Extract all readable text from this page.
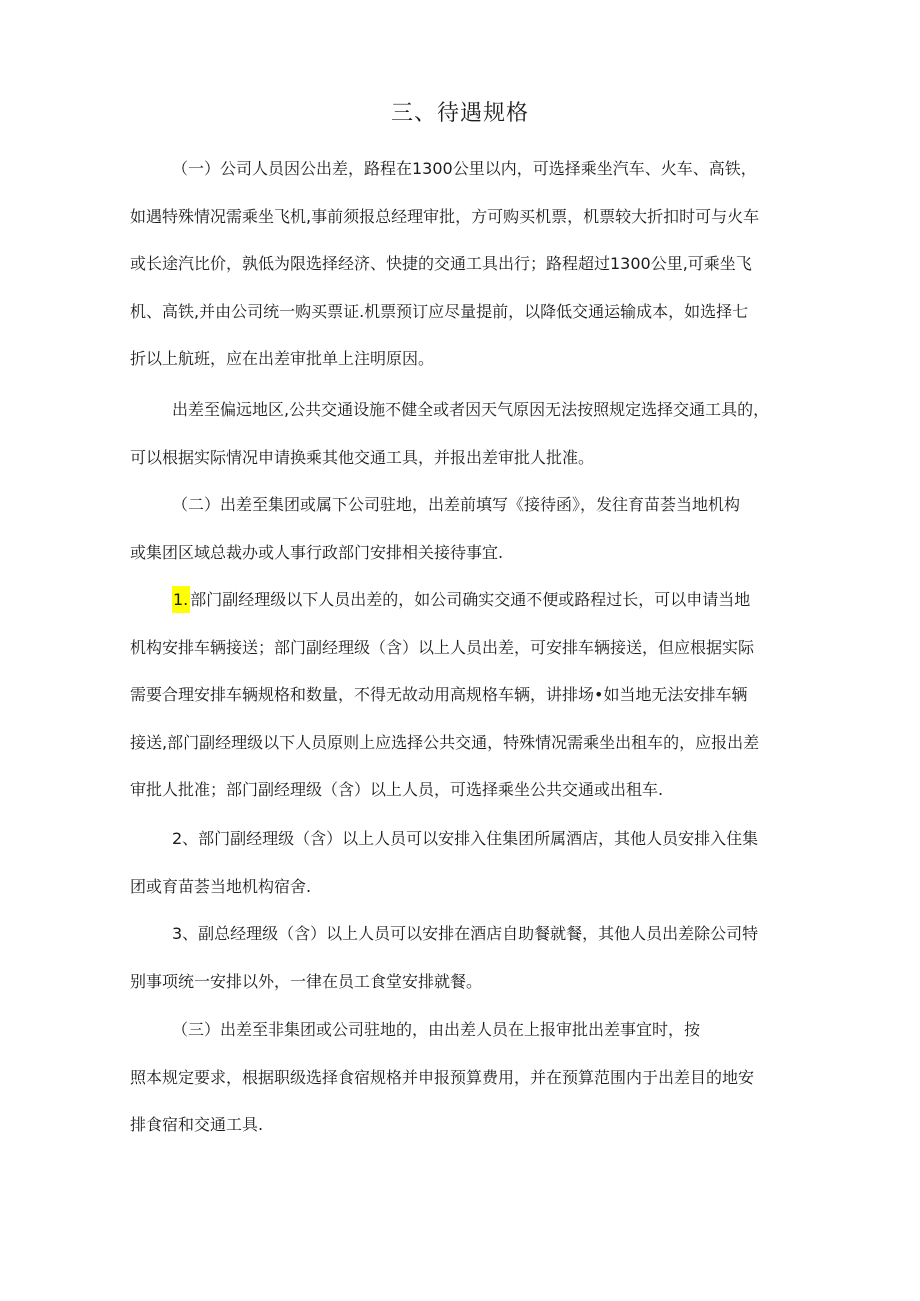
三、待遇规格
（一）公司人员因公出差，路程在1300公里以内，可选择乘坐汽车、火车、高铁，
如遇特殊情况需乘坐飞机,事前须报总经理审批，方可购买机票，机票较大折扣时可与火车
或长途汽比价，孰低为限选择经济、快捷的交通工具出行；路程超过1300公里,可乘坐飞
机、高铁,并由公司统一购买票证.机票预订应尽量提前，以降低交通运输成本，如选择七
折以上航班，应在出差审批单上注明原因。
出差至偏远地区,公共交通设施不健全或者因天气原因无法按照规定选择交通工具的，
可以根据实际情况申请换乘其他交通工具，并报出差审批人批准。
（二）出差至集团或属下公司驻地，出差前填写《接待函》，发往育苗荟当地机构
或集团区域总裁办或人事行政部门安排相关接待事宜.
1. 部门副经理级以下人员出差的，如公司确实交通不便或路程过长，可以申请当地
机构安排车辆接送；部门副经理级（含）以上人员出差，可安排车辆接送，但应根据实际
需要合理安排车辆规格和数量，不得无故动用高规格车辆，讲排场•如当地无法安排车辆
接送,部门副经理级以下人员原则上应选择公共交通，特殊情况需乘坐出租车的，应报出差
审批人批准；部门副经理级（含）以上人员，可选择乘坐公共交通或出租车.
2、部门副经理级（含）以上人员可以安排入住集团所属酒店，其他人员安排入住集
团或育苗荟当地机构宿舍.
3、副总经理级（含）以上人员可以安排在酒店自助餐就餐，其他人员出差除公司特
别事项统一安排以外，一律在员工食堂安排就餐。
（三）出差至非集团或公司驻地的，由出差人员在上报审批出差事宜时，按
照本规定要求，根据职级选择食宿规格并申报预算费用，并在预算范围内于出差目的地安
排食宿和交通工具.
